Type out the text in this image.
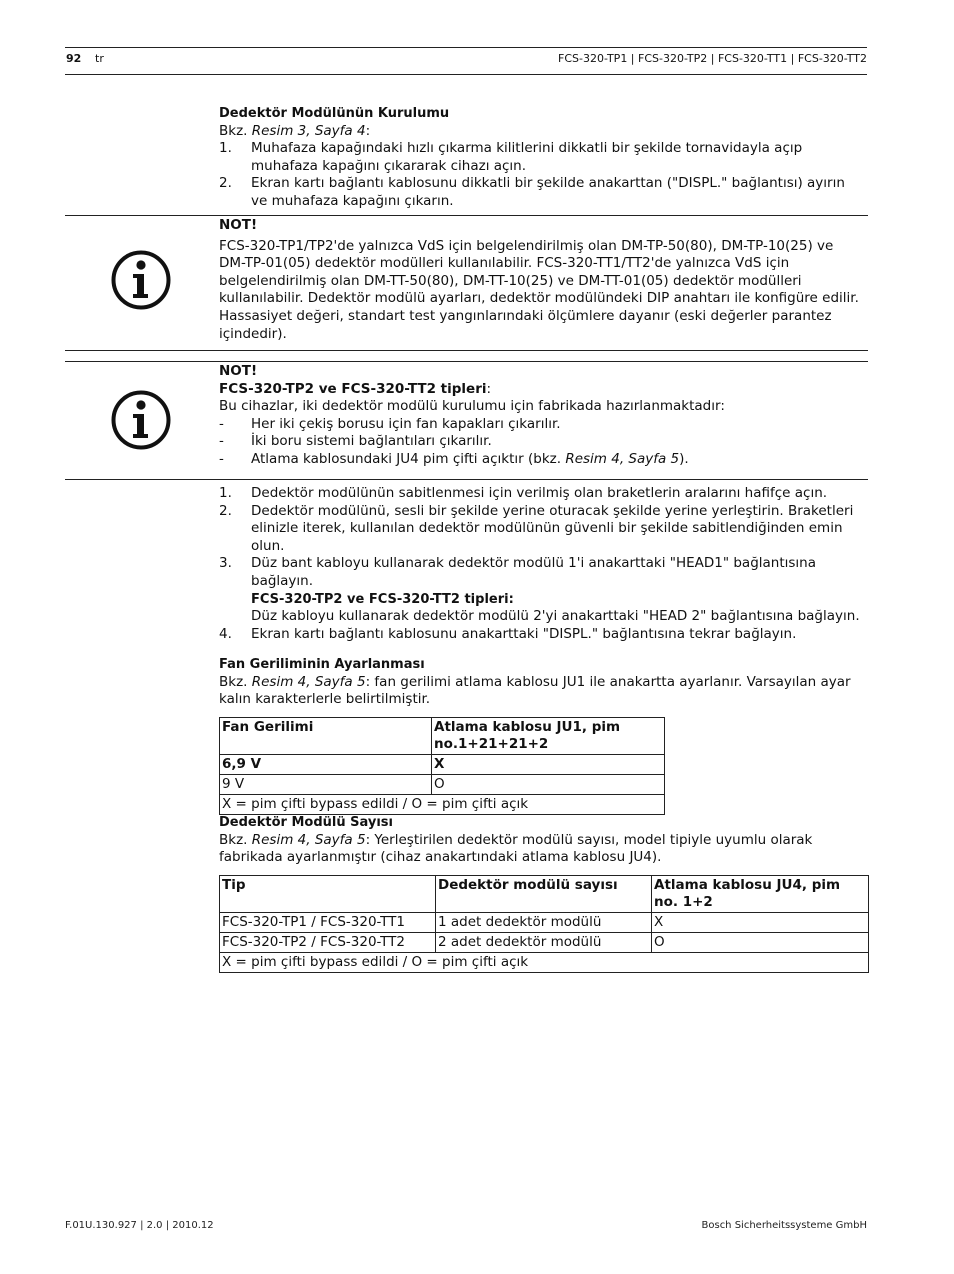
92 tr	FCS-320-TP1 | FCS-320-TP2 | FCS-320-TT1 | FCS-320-TT2
Dedektör Modülünün Kurulumu
Bkz. Resim 3, Sayfa 4:
1. Muhafaza kapağındaki hızlı çıkarma kilitlerini dikkatli bir şekilde tornavidayla açıp
muhafaza kapağını çıkararak cihazı açın.
2. Ekran kartı bağlantı kablosunu dikkatli bir şekilde anakarttan ("DISPL." bağlantısı) ayırın
ve muhafaza kapağını çıkarın.
NOT!
FCS-320-TP1/TP2'de yalnızca VdS için belgelendirilmiş olan DM-TP-50(80), DM-TP-10(25) ve
DM-TP-01(05) dedektör modülleri kullanılabilir. FCS-320-TT1/TT2'de yalnızca VdS için
belgelendirilmiş olan DM-TT-50(80), DM-TT-10(25) ve DM-TT-01(05) dedektör modülleri
kullanılabilir. Dedektör modülü ayarları, dedektör modülündeki DIP anahtarı ile konfigüre edilir.
Hassasiyet değeri, standart test yangınlarındaki ölçümlere dayanır (eski değerler parantez
içindedir).
NOT!
FCS-320-TP2 ve FCS-320-TT2 tipleri:
Bu cihazlar, iki dedektör modülü kurulumu için fabrikada hazırlanmaktadır:
- Her iki çekiş borusu için fan kapakları çıkarılır.
- İki boru sistemi bağlantıları çıkarılır.
- Atlama kablosundaki JU4 pim çifti açıktır (bkz. Resim 4, Sayfa 5).
1. Dedektör modülünün sabitlenmesi için verilmiş olan braketlerin aralarını hafifçe açın.
2. Dedektör modülünü, sesli bir şekilde yerine oturacak şekilde yerine yerleştirin. Braketleri
elinizle iterek, kullanılan dedektör modülünün güvenli bir şekilde sabitlendiğinden emin
olun.
3. Düz bant kabloyu kullanarak dedektör modülü 1'i anakarttaki "HEAD1" bağlantısına
bağlayın.
FCS-320-TP2 ve FCS-320-TT2 tipleri:
Düz kabloyu kullanarak dedektör modülü 2'yi anakarttaki "HEAD 2" bağlantısına bağlayın.
4. Ekran kartı bağlantı kablosunu anakarttaki "DISPL." bağlantısına tekrar bağlayın.
Fan Geriliminin Ayarlanması
Bkz. Resim 4, Sayfa 5: fan gerilimi atlama kablosu JU1 ile anakartta ayarlanır. Varsayılan ayar
kalın karakterlerle belirtilmiştir.
Fan Gerilimi	Atlama kablosu JU1, pim no.1+21+21+2
6,9 V	X
9 V	O
X = pim çifti bypass edildi / O = pim çifti açık	
Dedektör Modülü Sayısı
Bkz. Resim 4, Sayfa 5: Yerleştirilen dedektör modülü sayısı, model tipiyle uyumlu olarak
fabrikada ayarlanmıştır (cihaz anakartındaki atlama kablosu JU4).
Tip	Dedektör modülü sayısı	Atlama kablosu JU4, pim no. 1+2
FCS-320-TP1 / FCS-320-TT1	1 adet dedektör modülü	X
FCS-320-TP2 / FCS-320-TT2	2 adet dedektör modülü	O
X = pim çifti bypass edildi / O = pim çifti açık		
F.01U.130.927 | 2.0 | 2010.12	Bosch Sicherheitssysteme GmbH
